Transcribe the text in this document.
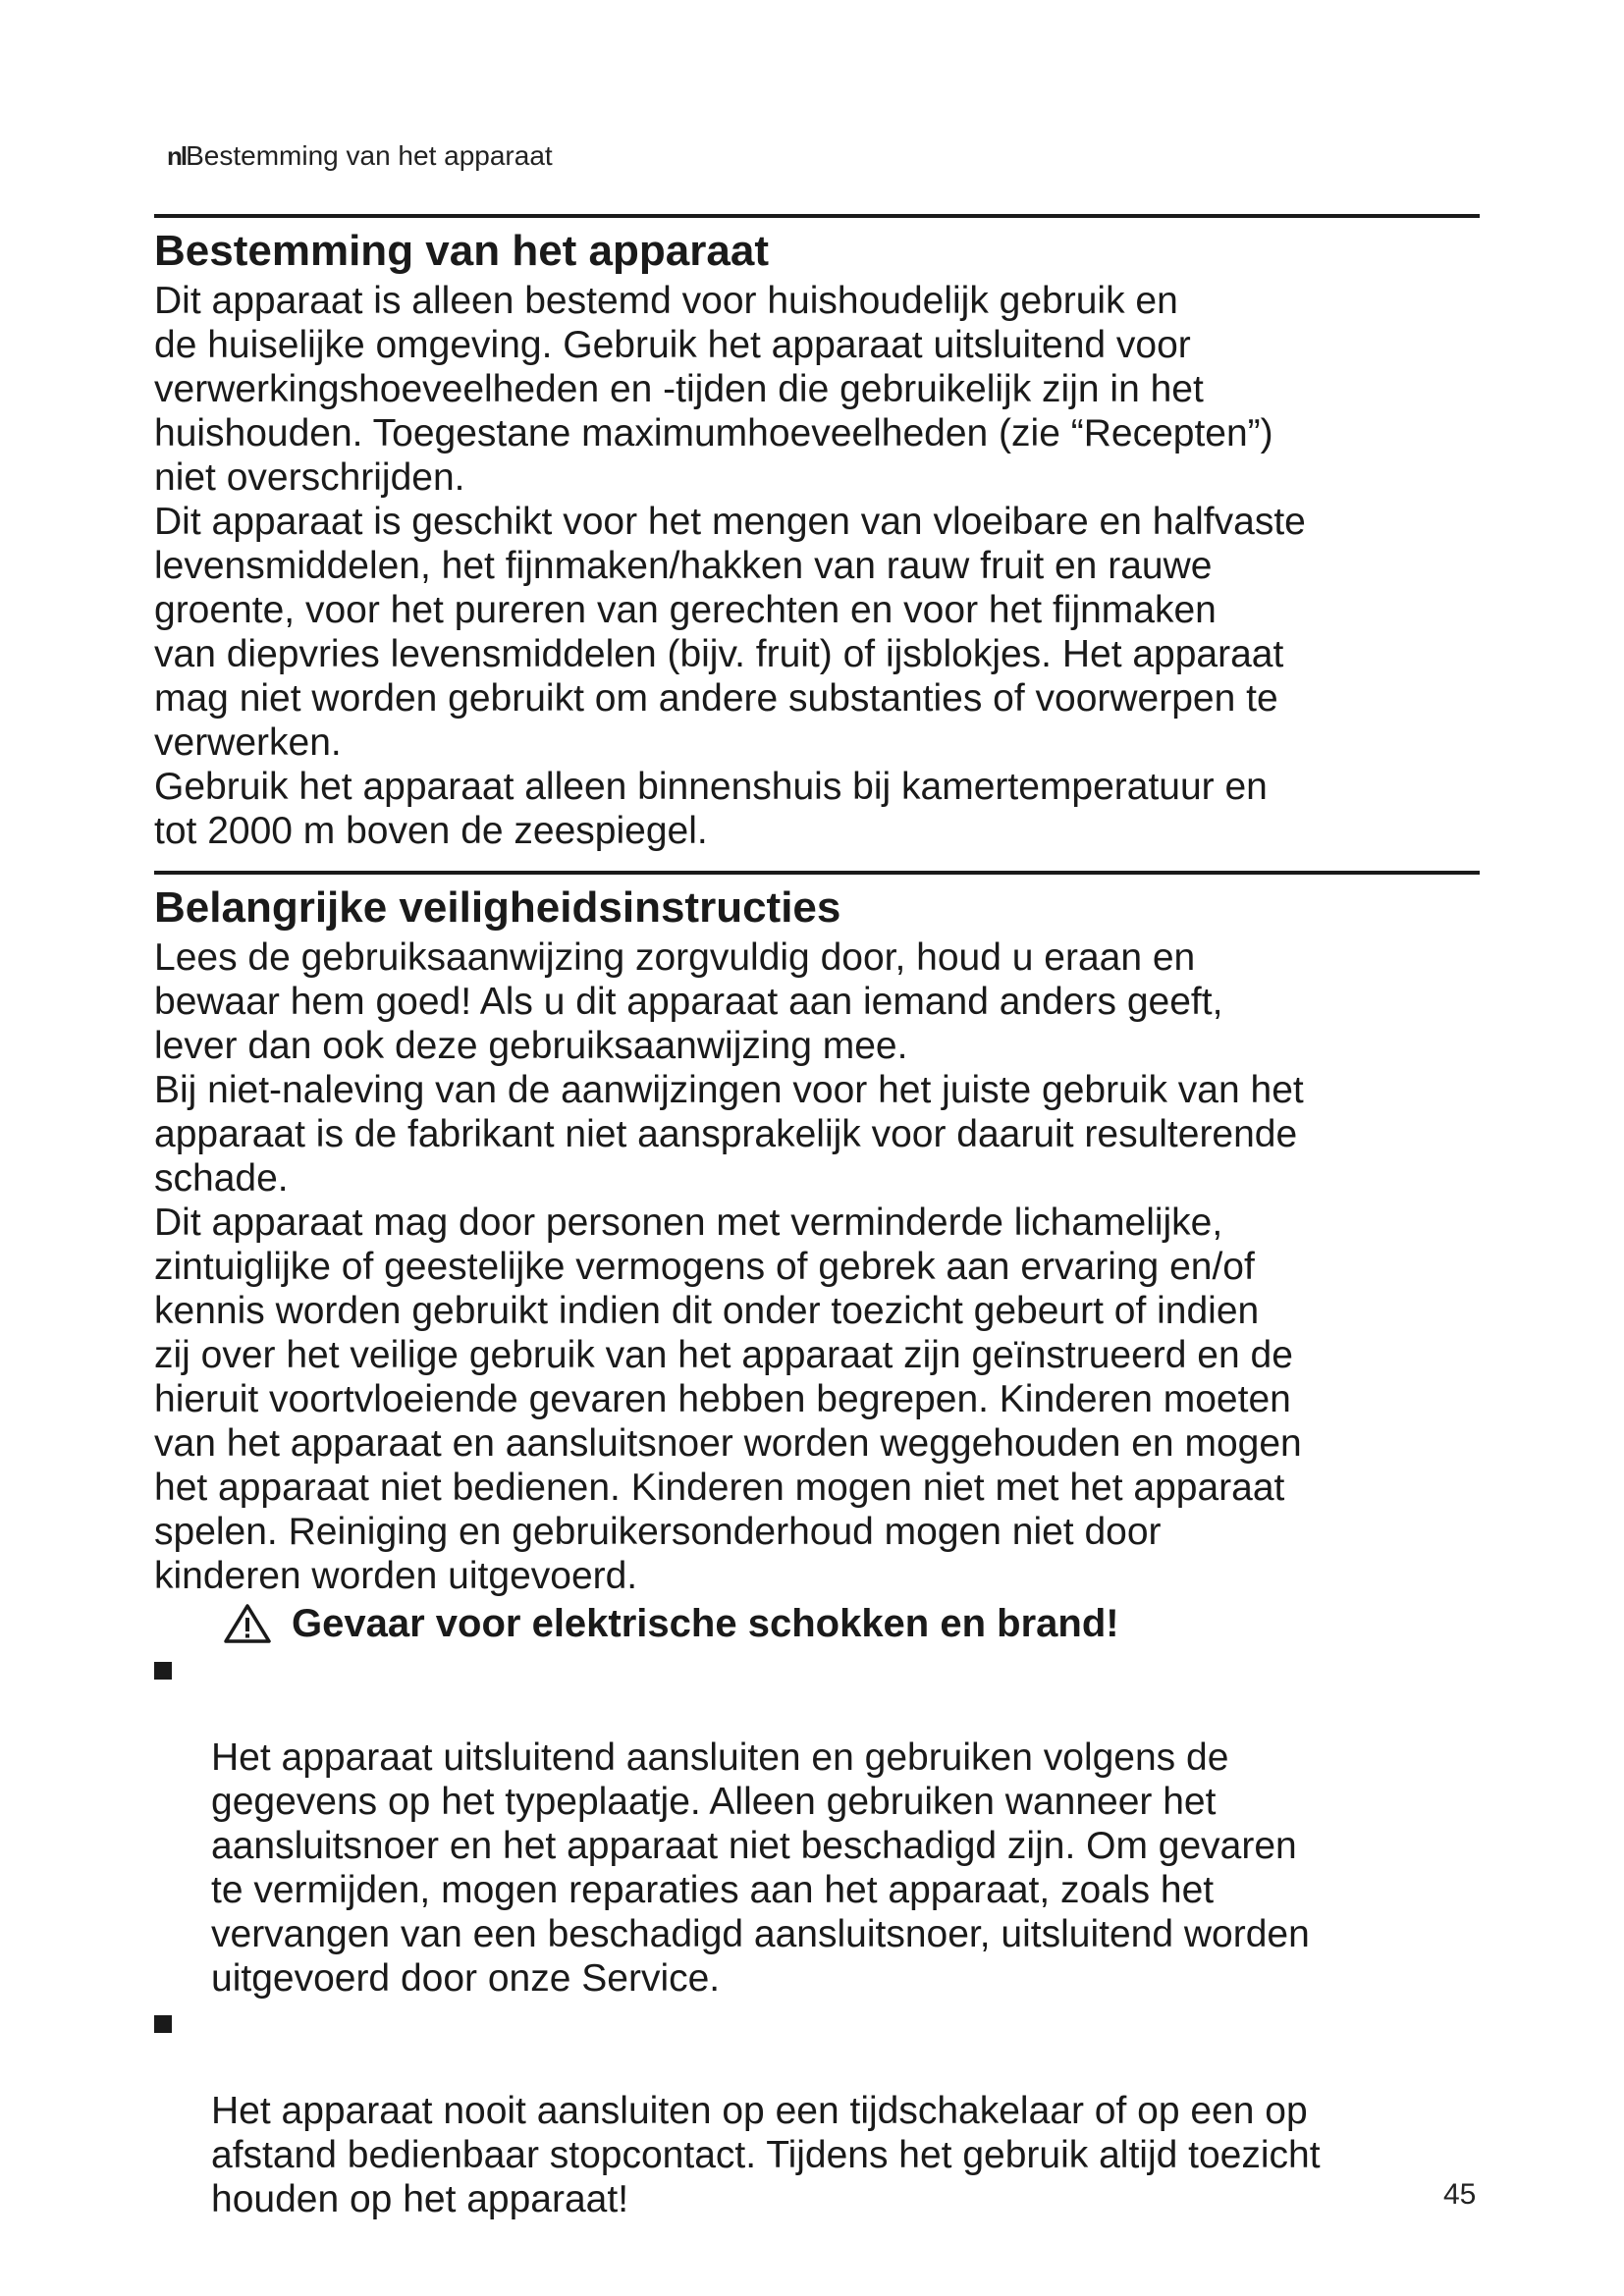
nlBestemming van het apparaat
Bestemming van het apparaat

Dit apparaat is alleen bestemd voor huishoudelijk gebruik en
de huiselijke omgeving. Gebruik het apparaat uitsluitend voor
verwerkingshoeveelheden en -tijden die gebruikelijk zijn in het
huishouden. Toegestane maximumhoeveelheden (zie “Recepten”)
niet overschrijden.

Dit apparaat is geschikt voor het mengen van vloeibare en halfvaste
levensmiddelen, het fijnmaken/hakken van rauw fruit en rauwe
groente, voor het pureren van gerechten en voor het fijnmaken
van diepvries levensmiddelen (bijv. fruit) of ijsblokjes. Het apparaat
mag niet worden gebruikt om andere substanties of voorwerpen te
verwerken.

Gebruik het apparaat alleen binnenshuis bij kamertemperatuur en
tot 2000 m boven de zeespiegel.

Belangrijke veiligheidsinstructies

Lees de gebruiksaanwijzing zorgvuldig door, houd u eraan en
bewaar hem goed! Als u dit apparaat aan iemand anders geeft,
lever dan ook deze gebruiksaanwijzing mee.

Bij niet-naleving van de aanwijzingen voor het juiste gebruik van het
apparaat is de fabrikant niet aansprakelijk voor daaruit resulterende
schade.

Dit apparaat mag door personen met verminderde lichamelijke,
zintuiglijke of geestelijke vermogens of gebrek aan ervaring en/of
kennis worden gebruikt indien dit onder toezicht gebeurt of indien
zij over het veilige gebruik van het apparaat zijn geïnstrueerd en de
hieruit voortvloeiende gevaren hebben begrepen. Kinderen moeten
van het apparaat en aansluitsnoer worden weggehouden en mogen
het apparaat niet bedienen. Kinderen mogen niet met het apparaat
spelen. Reiniging en gebruikersonderhoud mogen niet door
kinderen worden uitgevoerd.

Gevaar voor elektrische schokken en brand!

Het apparaat uitsluitend aansluiten en gebruiken volgens de
gegevens op het typeplaatje. Alleen gebruiken wanneer het
aansluitsnoer en het apparaat niet beschadigd zijn. Om gevaren
te vermijden, mogen reparaties aan het apparaat, zoals het
vervangen van een beschadigd aansluitsnoer, uitsluitend worden
uitgevoerd door onze Service.

Het apparaat nooit aansluiten op een tijdschakelaar of op een op
afstand bedienbaar stopcontact. Tijdens het gebruik altijd toezicht
houden op het apparaat!	45
